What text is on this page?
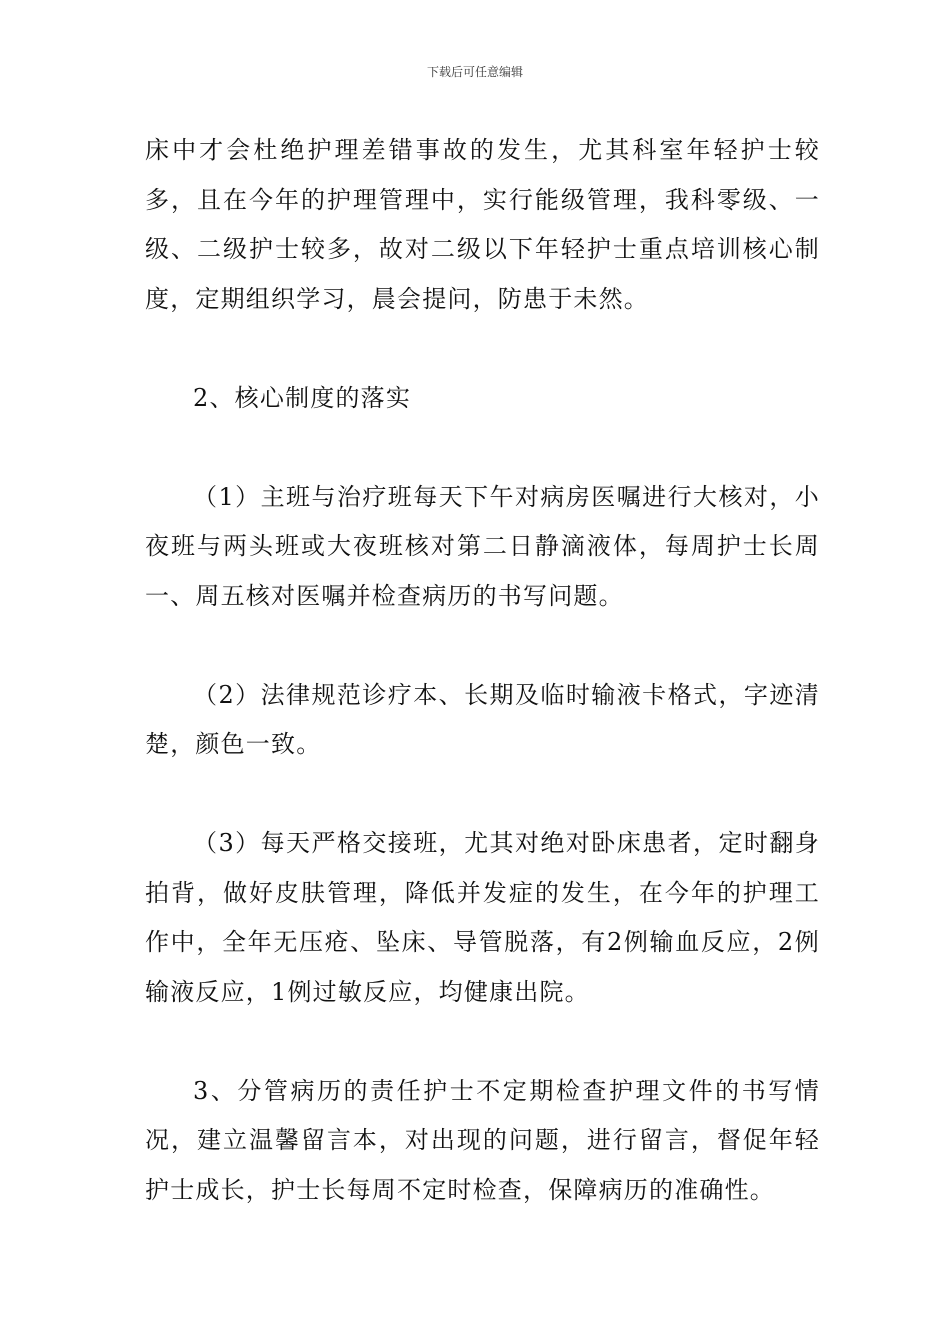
下载后可任意编辑

床中才会杜绝护理差错事故的发生，尤其科室年轻护士较多，且在今年的护理管理中，实行能级管理，我科零级、一级、二级护士较多，故对二级以下年轻护士重点培训核心制度，定期组织学习，晨会提问，防患于未然。

2、核心制度的落实

（1）主班与治疗班每天下午对病房医嘱进行大核对，小夜班与两头班或大夜班核对第二日静滴液体，每周护士长周一、周五核对医嘱并检查病历的书写问题。

（2）法律规范诊疗本、长期及临时输液卡格式，字迹清楚，颜色一致。

（3）每天严格交接班，尤其对绝对卧床患者，定时翻身拍背，做好皮肤管理，降低并发症的发生，在今年的护理工作中，全年无压疮、坠床、导管脱落，有2例输血反应，2例输液反应，1例过敏反应，均健康出院。

3、分管病历的责任护士不定期检查护理文件的书写情况，建立温馨留言本，对出现的问题，进行留言，督促年轻护士成长，护士长每周不定时检查，保障病历的准确性。
